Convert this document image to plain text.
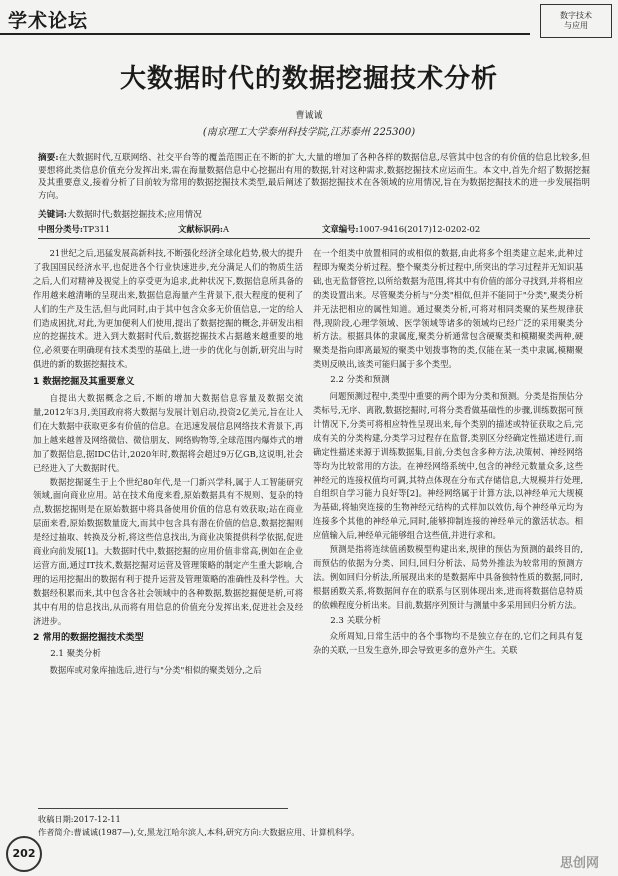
学术论坛	数字技术
与应用
大数据时代的数据挖掘技术分析
曹诚诚
(南京理工大学泰州科技学院,江苏泰州 225300)
摘要:在大数据时代,互联网络、社交平台等的覆盖范围正在不断的扩大,大量的增加了各种各样的数据信息,尽管其中包含的有价值的信息比较多,但要想将此类信息价值充分发挥出来,需在海量数据信息中心挖掘出有用的数据,针对这种需求,数据挖掘技术应运而生。本文中,首先介绍了数据挖掘及其重要意义,接着分析了目前较为常用的数据挖掘技术类型,最后阐述了数据挖掘技术在各领域的应用情况,旨在为数据挖掘技术的进一步发展指明方向。
关键词:大数据时代;数据挖掘技术;应用情况
中图分类号:TP311	文献标识码:A	文章编号:1007-9416(2017)12-0202-02

21世纪之后,迅猛发展高新科技,不断强化经济全球化趋势,极大的提升了我国国民经济水平,也促进各个行业快速进步,充分满足人们的物质生活之后,人们对精神及视觉上的享受更为追求,此种状况下,数据信息所具备的作用越来越清晰的呈现出来,数据信息海量产生背景下,很大程度的便利了人们的生产及生活,但与此同时,由于其中包含众多无价值信息,一定的给人们造成困扰,对此,为更加便利人们使用,提出了数据挖掘的概念,并研发出相应的挖掘技术。进入到大数据时代后,数据挖掘技术占据越来越重要的地位,必须要在明确现有技术类型的基础上,进一步的优化与创新,研究出与时俱进的新的数据挖掘技术。

1 数据挖掘及其重要意义

自提出大数据概念之后,不断的增加大数据信息容量及数据交流量,2012年3月,美国政府将大数据与发展计划启动,投资2亿美元,旨在让人们在大数据中获取更多有价值的信息。在迅速发展信息网络技术背景下,再加上越来越普及网络微信、微信朋友、网络购物等,全球范围内爆炸式的增加了数据信息,据IDC估计,2020年时,数据将会超过9万亿GB,这说明,社会已经进入了大数据时代。

数据挖掘诞生于上个世纪80年代,是一门新兴学科,属于人工智能研究领域,面向商业应用。站在技术角度来看,原始数据具有不规则、复杂的特点,数据挖掘则是在原始数据中将具备使用价值的信息有效获取;站在商业层面来看,原始数据数量庞大,而其中包含具有潜在价值的信息,数据挖掘则是经过抽取、转换及分析,将这些信息找出,为商业决策提供科学依据,促进商业向前发展[1]。大数据时代中,数据挖掘的应用价值非常高,例如在企业运营方面,通过IT技术,数据挖掘对运营及管理策略的制定产生重大影响,合理的运用挖掘出的数据有利于提升运营及管理策略的准确性及科学性。大数据经积累而来,其中包含各社会领域中的各种数据,数据挖掘便是析,可将其中有用的信息找出,从而将有用信息的价值充分发挥出来,促进社会及经济进步。

2 常用的数据挖掘技术类型
2.1 聚类分析

数据库或对象库抽选后,进行与"分类"相似的聚类划分,之后

在一个组类中放置相同的或相似的数据,由此将多个组类建立起来,此种过程即为聚类分析过程。整个聚类分析过程中,所突出的学习过程并无知识基础,也无监督管控,以所给数据为范围,将其中有价值的部分寻找到,并将相应的类设置出来。尽管聚类分析与"分类"相似,但并不能同于"分类",聚类分析并无法把相应的属性知道。通过聚类分析,可将对相同类聚的某些规律获得,现阶段,心理学领域、医学领域等诸多的领域均已经广泛的采用聚类分析方法。根据具体的隶属度,聚类分析通常包含硬聚类和模糊聚类两种,硬聚类是指向即离最短的聚类中划拨事物的类,仅能在某一类中隶属,模糊聚类则反映出,该类可能归属于多个类型。

2.2 分类和预测

问题预测过程中,类型中重要的两个即为分类和预测。分类是指预估分类标号,无序、离散,数据挖掘时,可将分类看做基础性的步骤,训练数据可预计情况下,分类可将相应特性呈现出来,每个类别的描述或特征获取之后,完成有关的分类构建,分类学习过程存在监督,类别区分经确定性描述进行,而确定性描述来源于训练数据集,目前,分类包含多种方法,决策树、神经网络等均为比较常用的方法。在神经网络系统中,包含的神经元数量众多,这些神经元的连接权值均可调,其特点体现在分布式存储信息,大规模并行处理,自组织自学习能力良好等[2]。神经网络属于计算方法,以神经单元大规模为基础,将轴突连接的生物神经元结构的式样加以效仿,每个神经单元均为连接多个其他的神经单元,同时,能够抑制连接的神经单元的激活状态。相应值输入后,神经单元能够组合这些值,并进行求和。

预测是指将连续值函数模型构建出来,规律的预估为预测的最终目的,而预估的依据为分类、回归,回归分析法、局势外推法为较常用的预测方法。例如回归分析法,所展现出来的是数据库中具备独特性质的数据,同时,根据函数关系,将数据间存在的联系与区别体现出来,进而将数据信息特质的依赖程度分析出来。目前,数据序列预计与测量中多采用回归分析方法。

2.3 关联分析

众所周知,日常生活中的各个事物均不是独立存在的,它们之间具有复杂的关联,一旦发生意外,即会导致更多的意外产生。关联

收稿日期:2017-12-11
作者简介:曹诚诚(1987—),女,黑龙江哈尔滨人,本科,研究方向:大数据应用、计算机科学。
202
思创网
